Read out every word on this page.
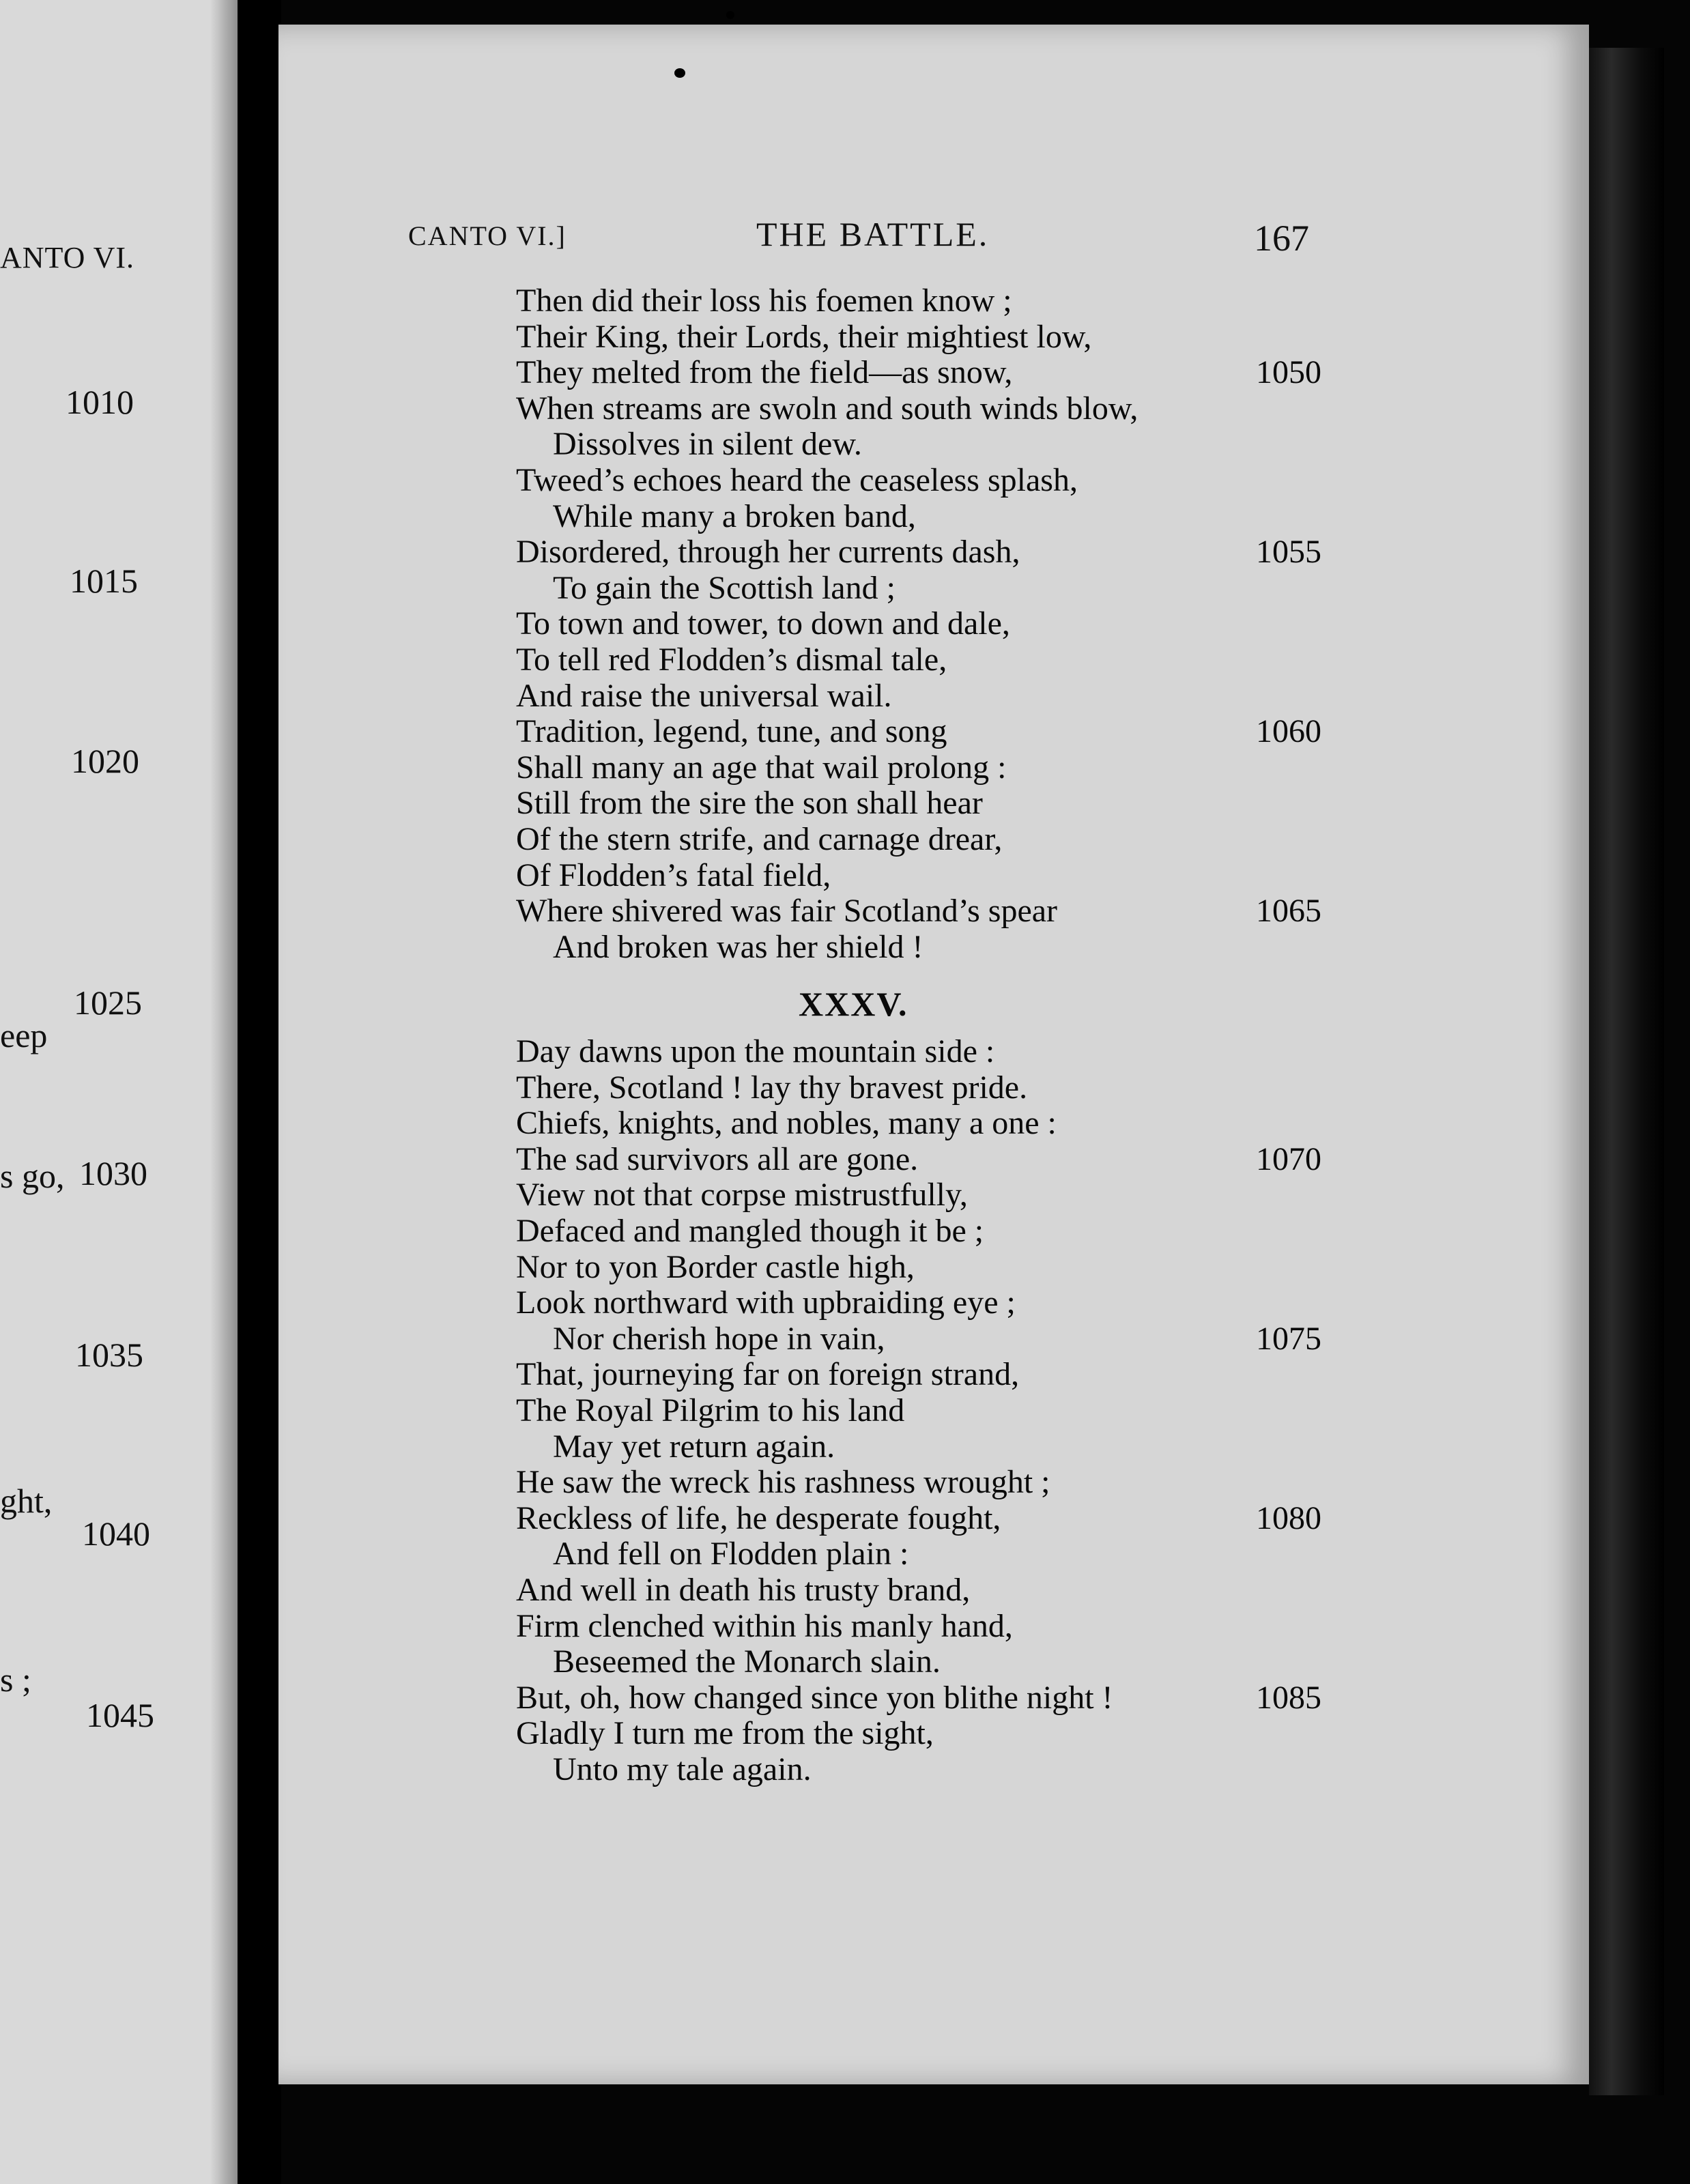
ANTO VI.
1010
1015
1020
1025
1030
1035
1040
1045
eep
s go,
ght,
s ;
CANTO VI.]	THE BATTLE.	167
Then did their loss his foemen know ;
Their King, their Lords, their mightiest low,
They melted from the field—as snow,	1050
When streams are swoln and south winds blow,
Dissolves in silent dew.
Tweed’s echoes heard the ceaseless splash,
While many a broken band,
Disordered, through her currents dash,	1055
To gain the Scottish land ;
To town and tower, to down and dale,
To tell red Flodden’s dismal tale,
And raise the universal wail.
Tradition, legend, tune, and song	1060
Shall many an age that wail prolong :
Still from the sire the son shall hear
Of the stern strife, and carnage drear,
Of Flodden’s fatal field,
Where shivered was fair Scotland’s spear	1065
And broken was her shield !
Day dawns upon the mountain side :
There, Scotland ! lay thy bravest pride.
Chiefs, knights, and nobles, many a one :
The sad survivors all are gone.	1070
View not that corpse mistrustfully,
Defaced and mangled though it be ;
Nor to yon Border castle high,
Look northward with upbraiding eye ;
Nor cherish hope in vain,	1075
That, journeying far on foreign strand,
The Royal Pilgrim to his land
May yet return again.
He saw the wreck his rashness wrought ;
Reckless of life, he desperate fought,	1080
And fell on Flodden plain :
And well in death his trusty brand,
Firm clenched within his manly hand,
Beseemed the Monarch slain.
But, oh, how changed since yon blithe night !	1085
Gladly I turn me from the sight,
Unto my tale again.
XXXV.
